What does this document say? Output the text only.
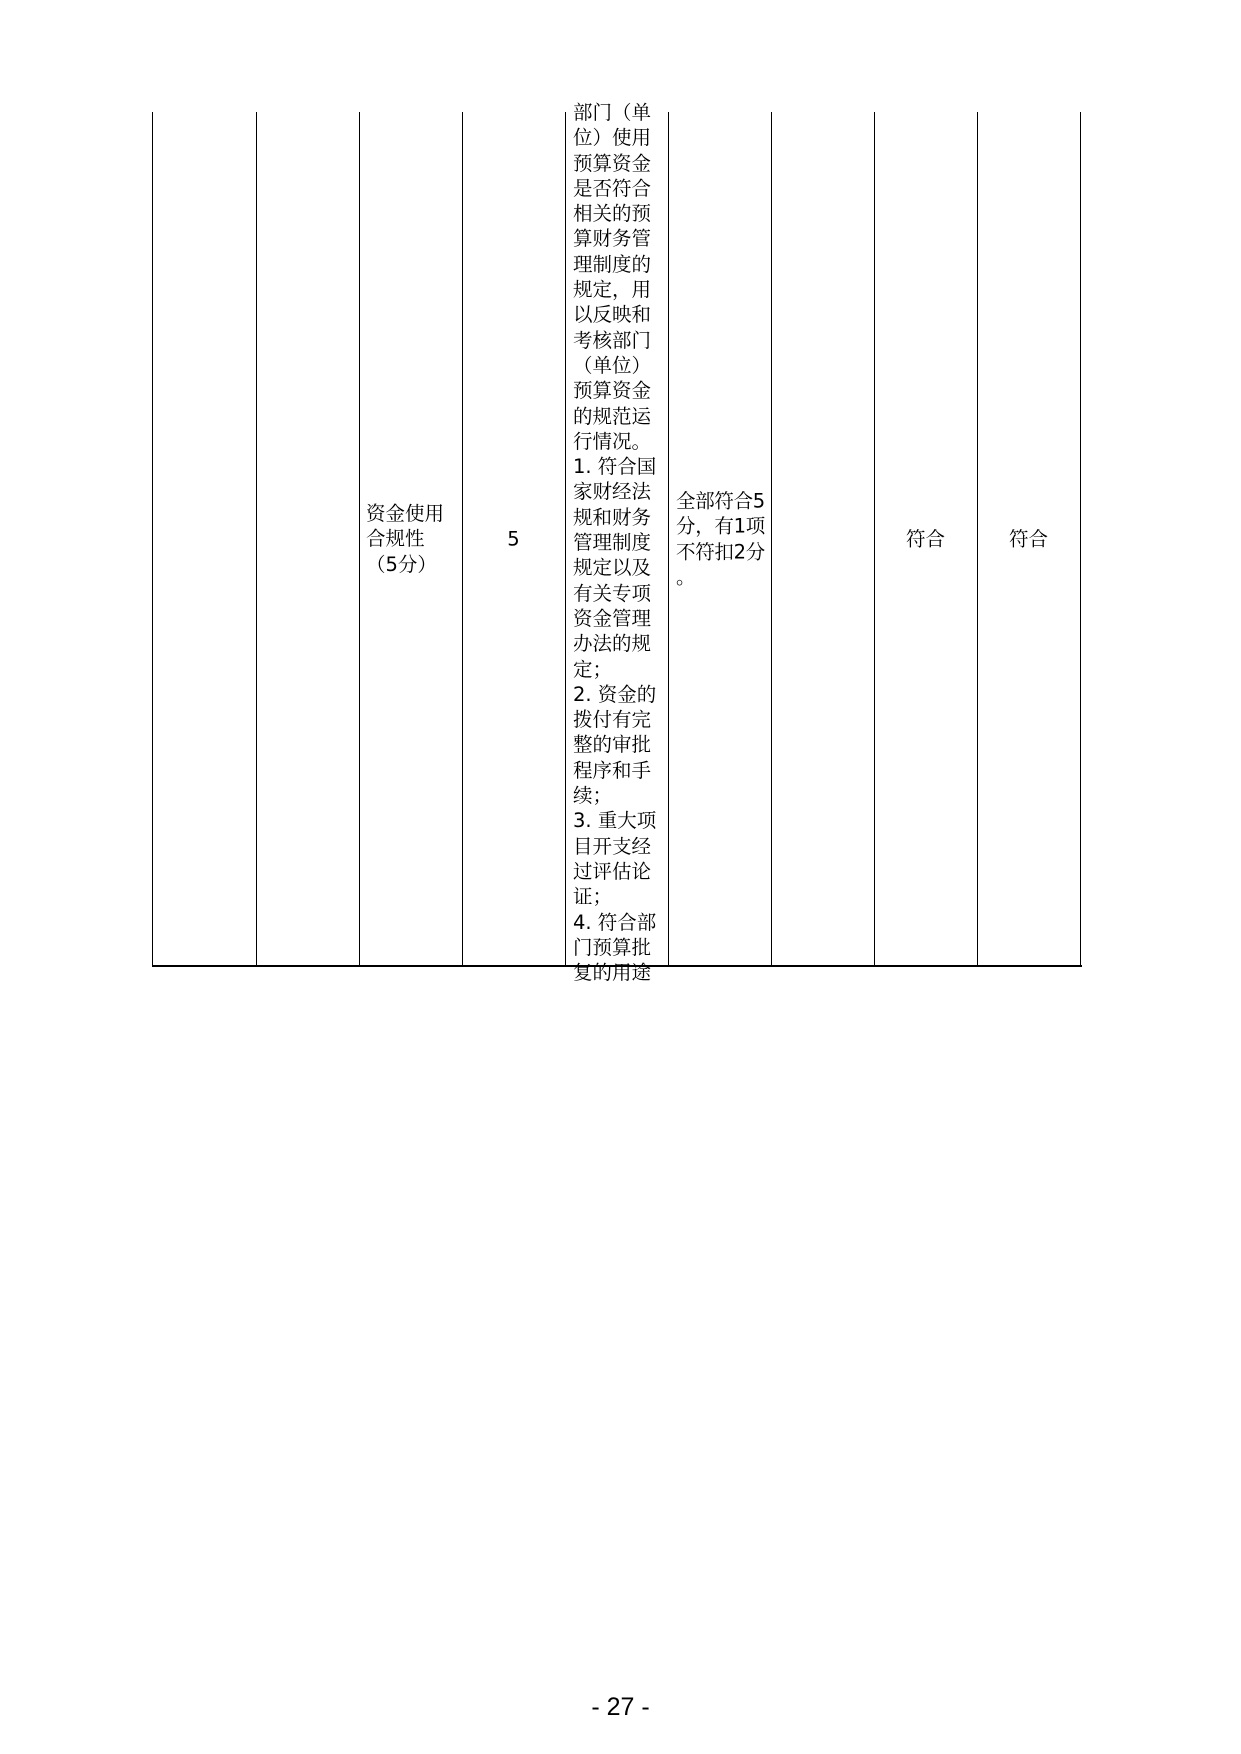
资金使用
合规性
（5分）
5
部门（单
位）使用
预算资金
是否符合
相关的预
算财务管
理制度的
规定，用
以反映和
考核部门
（单位）
预算资金
的规范运
行情况。
1. 符合国
家财经法
规和财务
管理制度
规定以及
有关专项
资金管理
办法的规
定；
2. 资金的
拨付有完
整的审批
程序和手
续；
3. 重大项
目开支经
过评估论
证；
4. 符合部
门预算批
复的用途
全部符合5
分，有1项
不符扣2分
。
符合	符合
- 27 -
